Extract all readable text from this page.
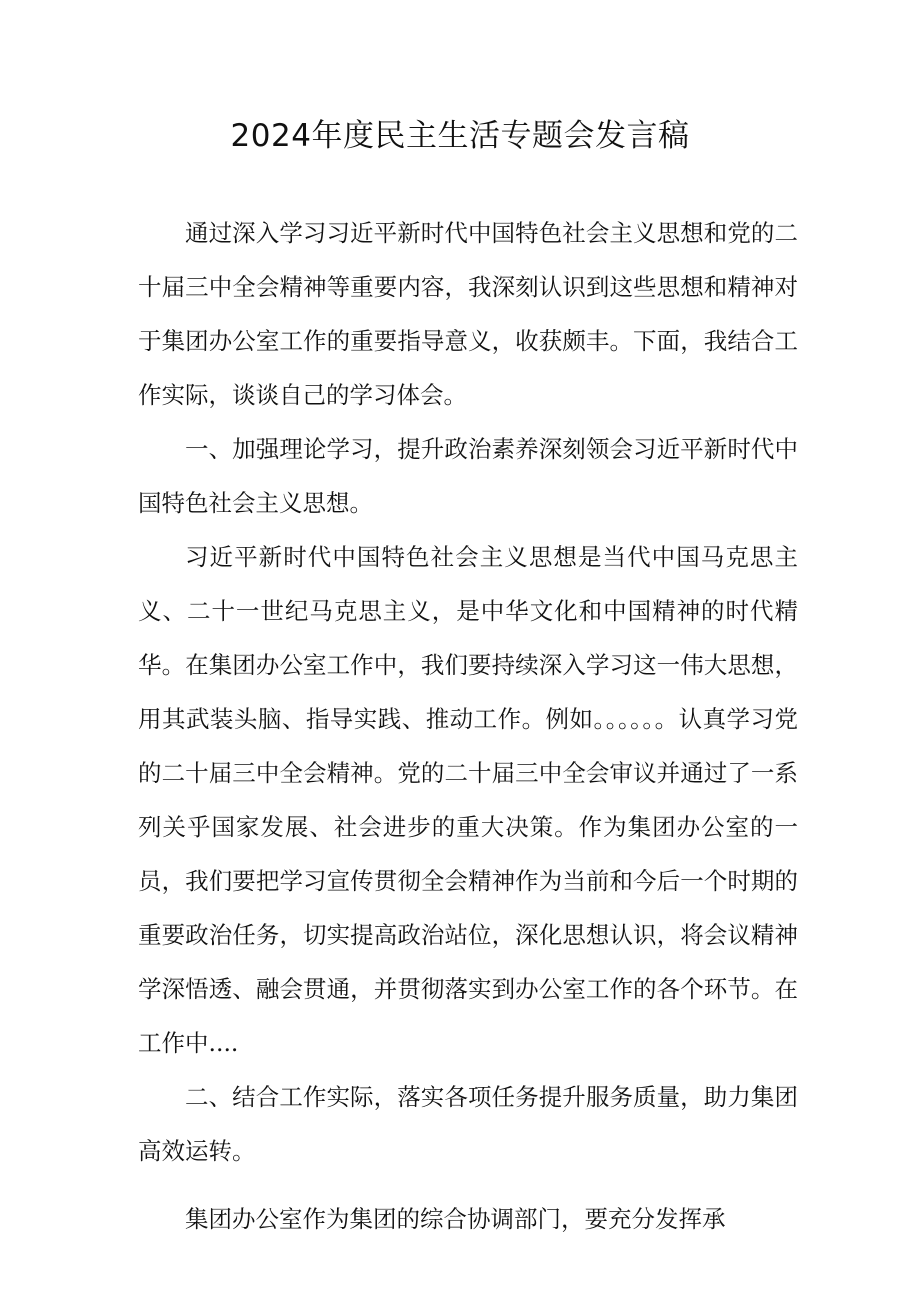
2024年度民主生活专题会发言稿

通过深入学习习近平新时代中国特色社会主义思想和党的二十届三中全会精神等重要内容，我深刻认识到这些思想和精神对于集团办公室工作的重要指导意义，收获颇丰。下面，我结合工作实际，谈谈自己的学习体会。

一、加强理论学习，提升政治素养深刻领会习近平新时代中国特色社会主义思想。

习近平新时代中国特色社会主义思想是当代中国马克思主义、二十一世纪马克思主义，是中华文化和中国精神的时代精华。在集团办公室工作中，我们要持续深入学习这一伟大思想，用其武装头脑、指导实践、推动工作。例如。。。。。。认真学习党的二十届三中全会精神。党的二十届三中全会审议并通过了一系列关乎国家发展、社会进步的重大决策。作为集团办公室的一员，我们要把学习宣传贯彻全会精神作为当前和今后一个时期的重要政治任务，切实提高政治站位，深化思想认识，将会议精神学深悟透、融会贯通，并贯彻落实到办公室工作的各个环节。在工作中....

二、结合工作实际，落实各项任务提升服务质量，助力集团高效运转。

集团办公室作为集团的综合协调部门，要充分发挥承
